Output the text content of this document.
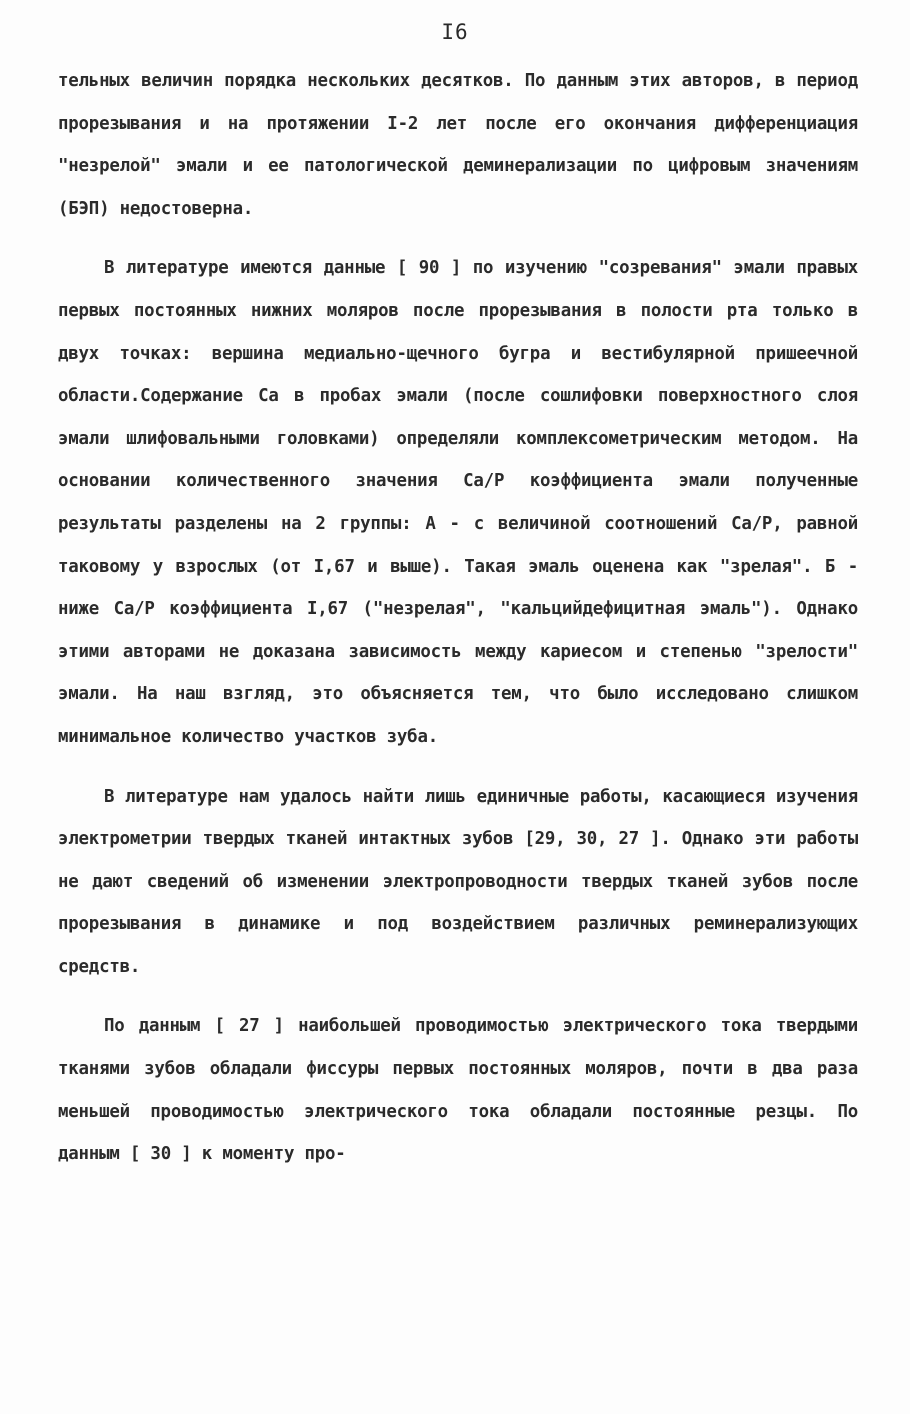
I6

тельных величин порядка нескольких десятков. По данным этих авторов, в период прорезывания и на протяжении I-2 лет после его окончания дифференциация "незрелой" эмали и ее патологической деминерализации по цифровым значениям (БЭП) недостоверна.

В литературе имеются данные [ 90 ] по изучению "созревания" эмали правых первых постоянных нижних моляров после прорезывания в полости рта только в двух точках: вершина медиально-щечного бугра и вестибулярной пришеечной области.Содержание Са в пробах эмали (после сошлифовки поверхностного слоя эмали шлифовальными головками) определяли комплексометрическим методом. На основании количественного значения Са/Р коэффициента эмали полученные результаты разделены на 2 группы: А - с величиной соотношений Са/Р, равной таковому у взрослых (от I,67 и выше). Такая эмаль оценена как "зрелая". Б - ниже Са/Р коэффициента I,67 ("незрелая", "кальцийдефицитная эмаль"). Однако этими авторами не доказана зависимость между кариесом и степенью "зрелости" эмали. На наш взгляд, это объясняется тем, что было исследовано слишком минимальное количество участков зуба.

В литературе нам удалось найти лишь единичные работы, касающиеся изучения электрометрии твердых тканей интактных зубов [29, 30, 27 ]. Однако эти работы не дают сведений об изменении электропроводности твердых тканей зубов после прорезывания в динамике и под воздействием различных реминерализующих средств.

По данным [ 27 ] наибольшей проводимостью электрического тока твердыми тканями зубов обладали фиссуры первых постоянных моляров, почти в два раза меньшей проводимостью электрического тока обладали постоянные резцы. По данным [ 30 ] к моменту про-
